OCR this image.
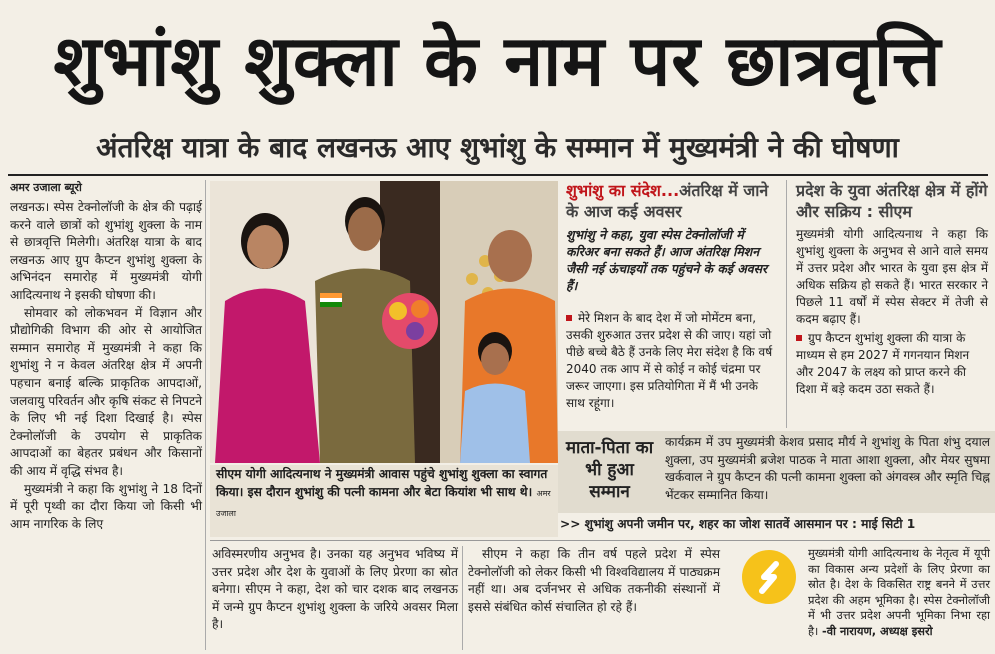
शुभांशु शुक्ला के नाम पर छात्रवृत्ति
अंतरिक्ष यात्रा के बाद लखनऊ आए शुभांशु के सम्मान में मुख्यमंत्री ने की घोषणा
अमर उजाला ब्यूरो

लखनऊ। स्पेस टेक्नोलॉजी के क्षेत्र की पढ़ाई करने वाले छात्रों को शुभांशु शुक्ला के नाम से छात्रवृत्ति मिलेगी। अंतरिक्ष यात्रा के बाद लखनऊ आए ग्रुप कैप्टन शुभांशु शुक्ला के अभिनंदन समारोह में मुख्यमंत्री योगी आदित्यनाथ ने इसकी घोषणा की।

सोमवार को लोकभवन में विज्ञान और प्रौद्योगिकी विभाग की ओर से आयोजित सम्मान समारोह में मुख्यमंत्री ने कहा कि शुभांशु ने न केवल अंतरिक्ष क्षेत्र में अपनी पहचान बनाई बल्कि प्राकृतिक आपदाओं, जलवायु परिवर्तन और कृषि संकट से निपटने के लिए भी नई दिशा दिखाई है। स्पेस टेक्नोलॉजी के उपयोग से प्राकृतिक आपदाओं का बेहतर प्रबंधन और किसानों की आय में वृद्धि संभव है।

मुख्यमंत्री ने कहा कि शुभांशु ने 18 दिनों में पूरी पृथ्वी का दौरा किया जो किसी भी आम नागरिक के लिए

सीएम योगी आदित्यनाथ ने मुख्यमंत्री आवास पहुंचे शुभांशु शुक्ला का स्वागत किया। इस दौरान शुभांशु की पत्नी कामना और बेटा कियांश भी साथ थे। अमर उजाला
शुभांशु का संदेश...अंतरिक्ष में जाने के आज कई अवसर
शुभांशु ने कहा, युवा स्पेस टेक्नोलॉजी में करिअर बना सकते हैं। आज अंतरिक्ष मिशन जैसी नई ऊंचाइयों तक पहुंचने के कई अवसर हैं।
मेरे मिशन के बाद देश में जो मोमेंटम बना, उसकी शुरुआत उत्तर प्रदेश से की जाए। यहां जो पीछे बच्चे बैठे हैं उनके लिए मेरा संदेश है कि वर्ष 2040 तक आप में से कोई न कोई चंद्रमा पर जरूर जाएगा। इस प्रतियोगिता में मैं भी उनके साथ रहूंगा।
प्रदेश के युवा अंतरिक्ष क्षेत्र में होंगे और सक्रिय : सीएम
मुख्यमंत्री योगी आदित्यनाथ ने कहा कि शुभांशु शुक्ला के अनुभव से आने वाले समय में उत्तर प्रदेश और भारत के युवा इस क्षेत्र में अधिक सक्रिय हो सकते हैं। भारत सरकार ने पिछले 11 वर्षों में स्पेस सेक्टर में तेजी से कदम बढ़ाए हैं।
ग्रुप कैप्टन शुभांशु शुक्ला की यात्रा के माध्यम से हम 2027 में गगनयान मिशन और 2047 के लक्ष्य को प्राप्त करने की दिशा में बड़े कदम उठा सकते हैं।
माता-पिता का भी हुआ सम्मान
कार्यक्रम में उप मुख्यमंत्री केशव प्रसाद मौर्य ने शुभांशु के पिता शंभु दयाल शुक्ला, उप मुख्यमंत्री ब्रजेश पाठक ने माता आशा शुक्ला, और मेयर सुषमा खर्कवाल ने ग्रुप कैप्टन की पत्नी कामना शुक्ला को अंगवस्त्र और स्मृति चिह्न भेंटकर सम्मानित किया।
>> शुभांशु अपनी जमीन पर, शहर का जोश सातवें आसमान पर : माई सिटी 1

अविस्मरणीय अनुभव है। उनका यह अनुभव भविष्य में उत्तर प्रदेश और देश के युवाओं के लिए प्रेरणा का स्रोत बनेगा। सीएम ने कहा, देश को चार दशक बाद लखनऊ में जन्मे ग्रुप कैप्टन शुभांशु शुक्ला के जरिये अवसर मिला है।

सीएम ने कहा कि तीन वर्ष पहले प्रदेश में स्पेस टेक्नोलॉजी को लेकर किसी भी विश्वविद्यालय में पाठ्यक्रम नहीं था। अब दर्जनभर से अधिक तकनीकी संस्थानों में इससे संबंधित कोर्स संचालित हो रहे हैं।

मुख्यमंत्री योगी आदित्यनाथ के नेतृत्व में यूपी का विकास अन्य प्रदेशों के लिए प्रेरणा का स्रोत है। देश के विकसित राष्ट्र बनने में उत्तर प्रदेश की अहम भूमिका है। स्पेस टेक्नोलॉजी में भी उत्तर प्रदेश अपनी भूमिका निभा रहा है। -वी नारायण, अध्यक्ष इसरो
